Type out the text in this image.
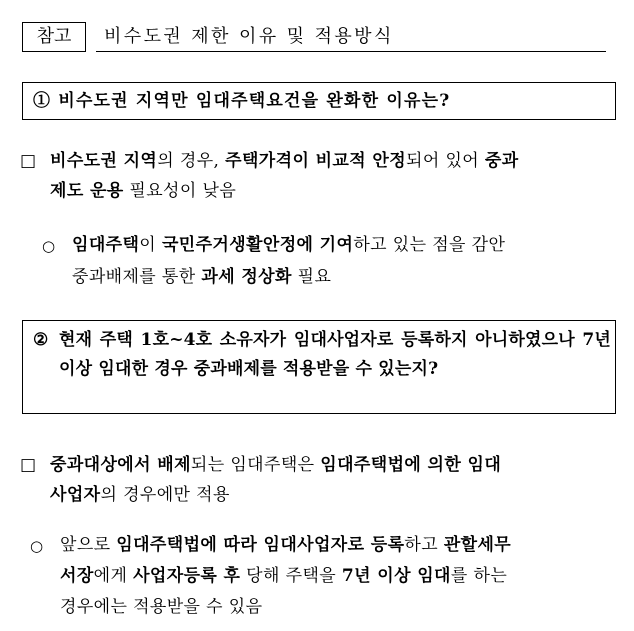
참고	비수도권 제한 이유 및 적용방식
① 비수도권 지역만 임대주택요건을 완화한 이유는?
□ 비수도권 지역의 경우, 주택가격이 비교적 안정되어 있어 중과
제도 운용 필요성이 낮음
○ 임대주택이 국민주거생활안정에 기여하고 있는 점을 감안
중과배제를 통한 과세 정상화 필요
② 현재 주택 1호~4호 소유자가 임대사업자로 등록하지 아니하였으나 7년 이상 임대한 경우 중과배제를 적용받을 수 있는지?
□ 중과대상에서 배제되는 임대주택은 임대주택법에 의한 임대
사업자의 경우에만 적용
○ 앞으로 임대주택법에 따라 임대사업자로 등록하고 관할세무
서장에게 사업자등록 후 당해 주택을 7년 이상 임대를 하는
경우에는 적용받을 수 있음
